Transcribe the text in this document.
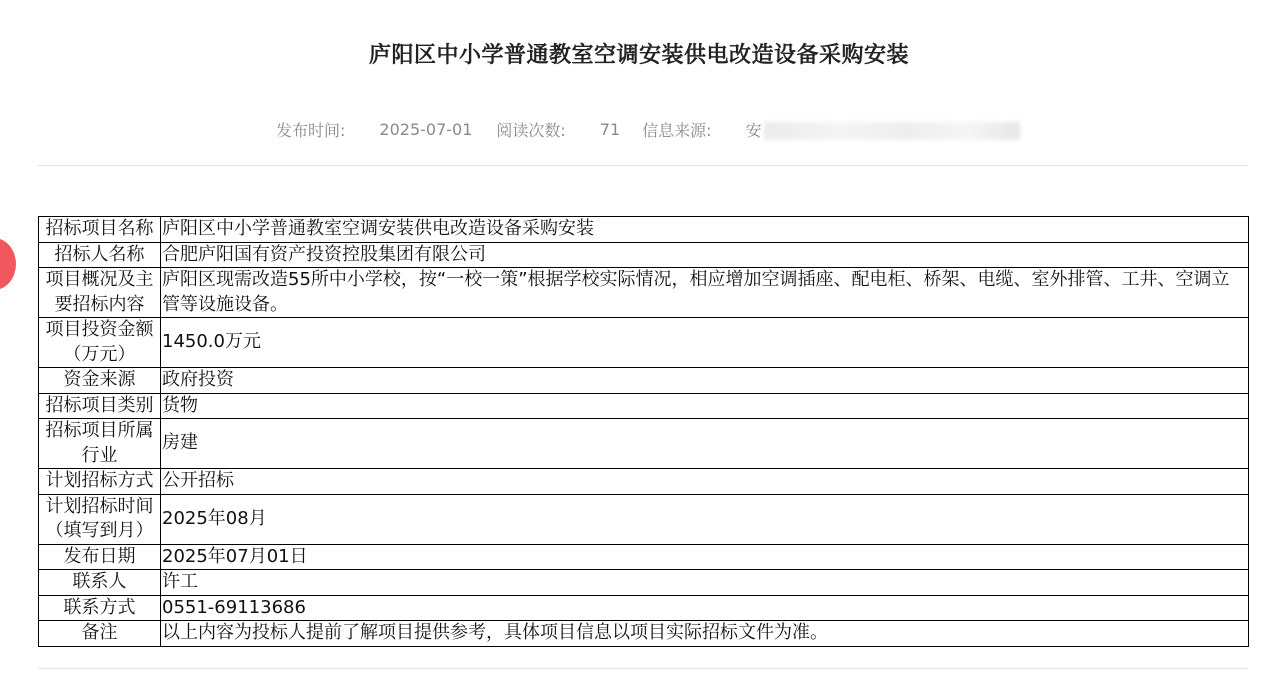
庐阳区中小学普通教室空调安装供电改造设备采购安装
发布时间: 2025-07-01 阅读次数: 71 信息来源: 安
招标项目名称	庐阳区中小学普通教室空调安装供电改造设备采购安装
招标人名称	合肥庐阳国有资产投资控股集团有限公司
项目概况及主要招标内容	庐阳区现需改造55所中小学校，按“一校一策”根据学校实际情况，相应增加空调插座、配电柜、桥架、电缆、室外排管、工井、空调立管等设施设备。
项目投资金额（万元）	1450.0万元
资金来源	政府投资
招标项目类别	货物
招标项目所属行业	房建
计划招标方式	公开招标
计划招标时间（填写到月）	2025年08月
发布日期	2025年07月01日
联系人	许工
联系方式	0551-69113686
备注	以上内容为投标人提前了解项目提供参考，具体项目信息以项目实际招标文件为准。
